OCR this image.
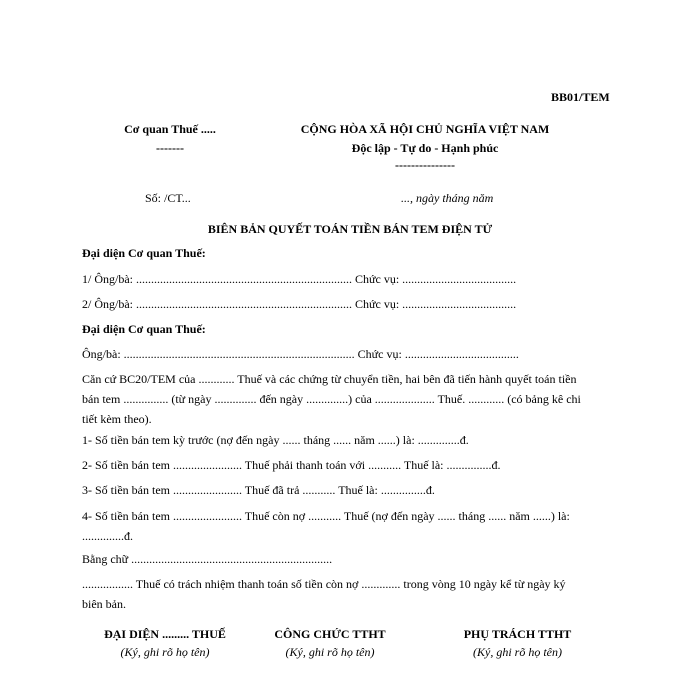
BB01/TEM
Cơ quan Thuế .....
-------
CỘNG HÒA XÃ HỘI CHỦ NGHĨA VIỆT NAM
Độc lập - Tự do - Hạnh phúc
---------------
Số: /CT...	..., ngày tháng năm
BIÊN BẢN QUYẾT TOÁN TIỀN BÁN TEM ĐIỆN TỬ
Đại diện Cơ quan Thuế:
1/ Ông/bà: ........................................................................ Chức vụ: ......................................
2/ Ông/bà: ........................................................................ Chức vụ: ......................................
Đại diện Cơ quan Thuế:
Ông/bà: ............................................................................. Chức vụ: ......................................
Căn cứ BC20/TEM của ............ Thuế và các chứng từ chuyển tiền, hai bên đã tiến hành quyết toán tiền bán tem ............... (từ ngày .............. đến ngày ..............) của .................... Thuế. ............ (có bảng kê chi tiết kèm theo).
1- Số tiền bán tem kỳ trước (nợ đến ngày ...... tháng ...... năm ......) là: ..............đ.
2- Số tiền bán tem ....................... Thuế phải thanh toán với ........... Thuế là: ...............đ.
3- Số tiền bán tem ....................... Thuế đã trả ........... Thuế là: ...............đ.
4- Số tiền bán tem ....................... Thuế còn nợ ........... Thuế (nợ đến ngày ...... tháng ...... năm ......) là: ..............đ.
Bằng chữ ...................................................................
................. Thuế có trách nhiệm thanh toán số tiền còn nợ ............. trong vòng 10 ngày kể từ ngày ký biên bản.
ĐẠI DIỆN ......... THUẾ
(Ký, ghi rõ họ tên)
CÔNG CHỨC TTHT
(Ký, ghi rõ họ tên)
PHỤ TRÁCH TTHT
(Ký, ghi rõ họ tên)
